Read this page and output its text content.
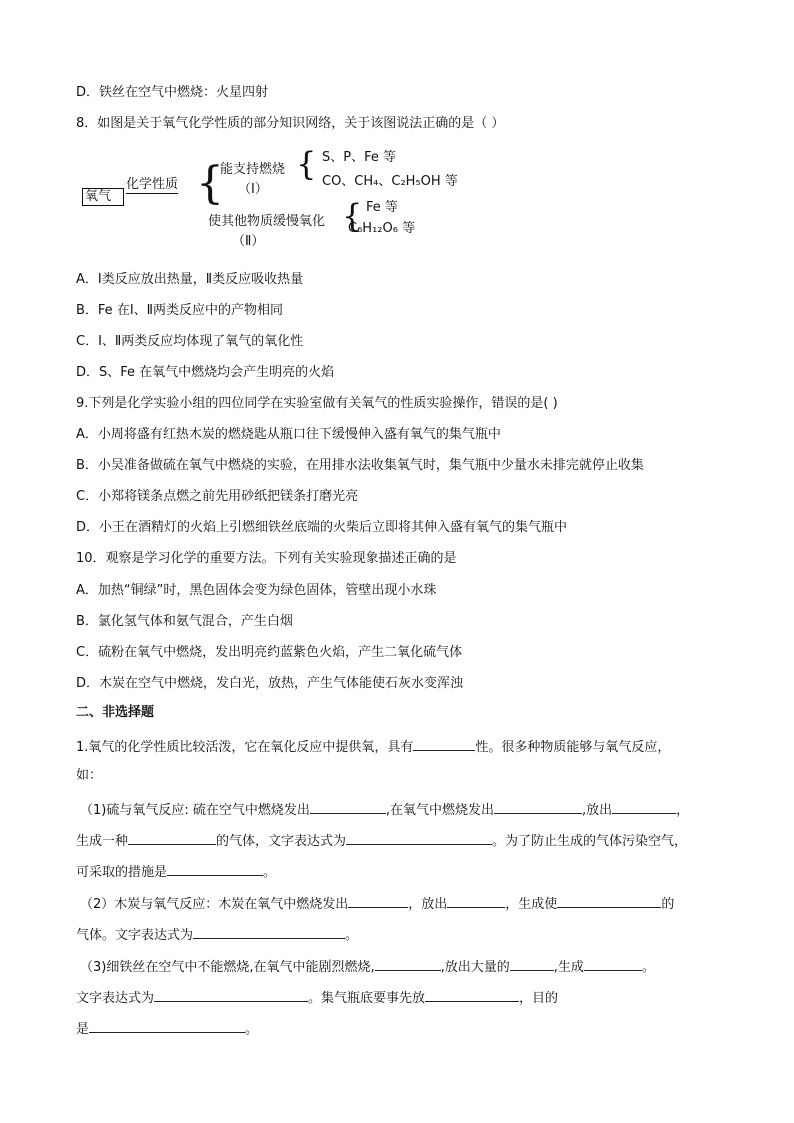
D．铁丝在空气中燃烧：火星四射
8．如图是关于氧气化学性质的部分知识网络，关于该图说法正确的是（ ）
氧气
化学性质 {
能支持燃烧
（Ⅰ）
{ S、P、Fe 等
CO、CH₄、C₂H₅OH 等
使其他物质缓慢氧化
（Ⅱ）
{ Fe 等
C₆H₁₂O₆ 等
A．Ⅰ类反应放出热量，Ⅱ类反应吸收热量
B．Fe 在Ⅰ、Ⅱ两类反应中的产物相同
C．Ⅰ、Ⅱ两类反应均体现了氧气的氧化性
D．S、Fe 在氧气中燃烧均会产生明亮的火焰
9.下列是化学实验小组的四位同学在实验室做有关氧气的性质实验操作，错误的是( )
A．小周将盛有红热木炭的燃烧匙从瓶口往下缓慢伸入盛有氧气的集气瓶中
B．小吴准备做硫在氧气中燃烧的实验，在用排水法收集氧气时，集气瓶中少量水未排完就停止收集
C．小郑将镁条点燃之前先用砂纸把镁条打磨光亮
D．小王在酒精灯的火焰上引燃细铁丝底端的火柴后立即将其伸入盛有氧气的集气瓶中
10．观察是学习化学的重要方法。下列有关实验现象描述正确的是
A．加热“铜绿”时，黑色固体会变为绿色固体，管壁出现小水珠
B．氯化氢气体和氨气混合，产生白烟
C．硫粉在氧气中燃烧，发出明亮约蓝紫色火焰，产生二氧化硫气体
D．木炭在空气中燃烧，发白光，放热，产生气体能使石灰水变浑浊
二、非选择题
1.氧气的化学性质比较活泼，它在氧化反应中提供氧，具有	性。很多种物质能够与氧气反应，
如：
（1)硫与氧气反应: 硫在空气中燃烧发出	,在氧气中燃烧发出	,放出	，
生成一种	的气体，文字表达式为	。为了防止生成的气体污染空气，
可采取的措施是	。
（2）木炭与氧气反应：木炭在氧气中燃烧发出	，放出	，生成使	的
气体。文字表达式为	。
（3)细铁丝在空气中不能燃烧,在氧气中能剧烈燃烧,	,放出大量的	,生成	。
文字表达式为	。集气瓶底要事先放	，目的
是	。
